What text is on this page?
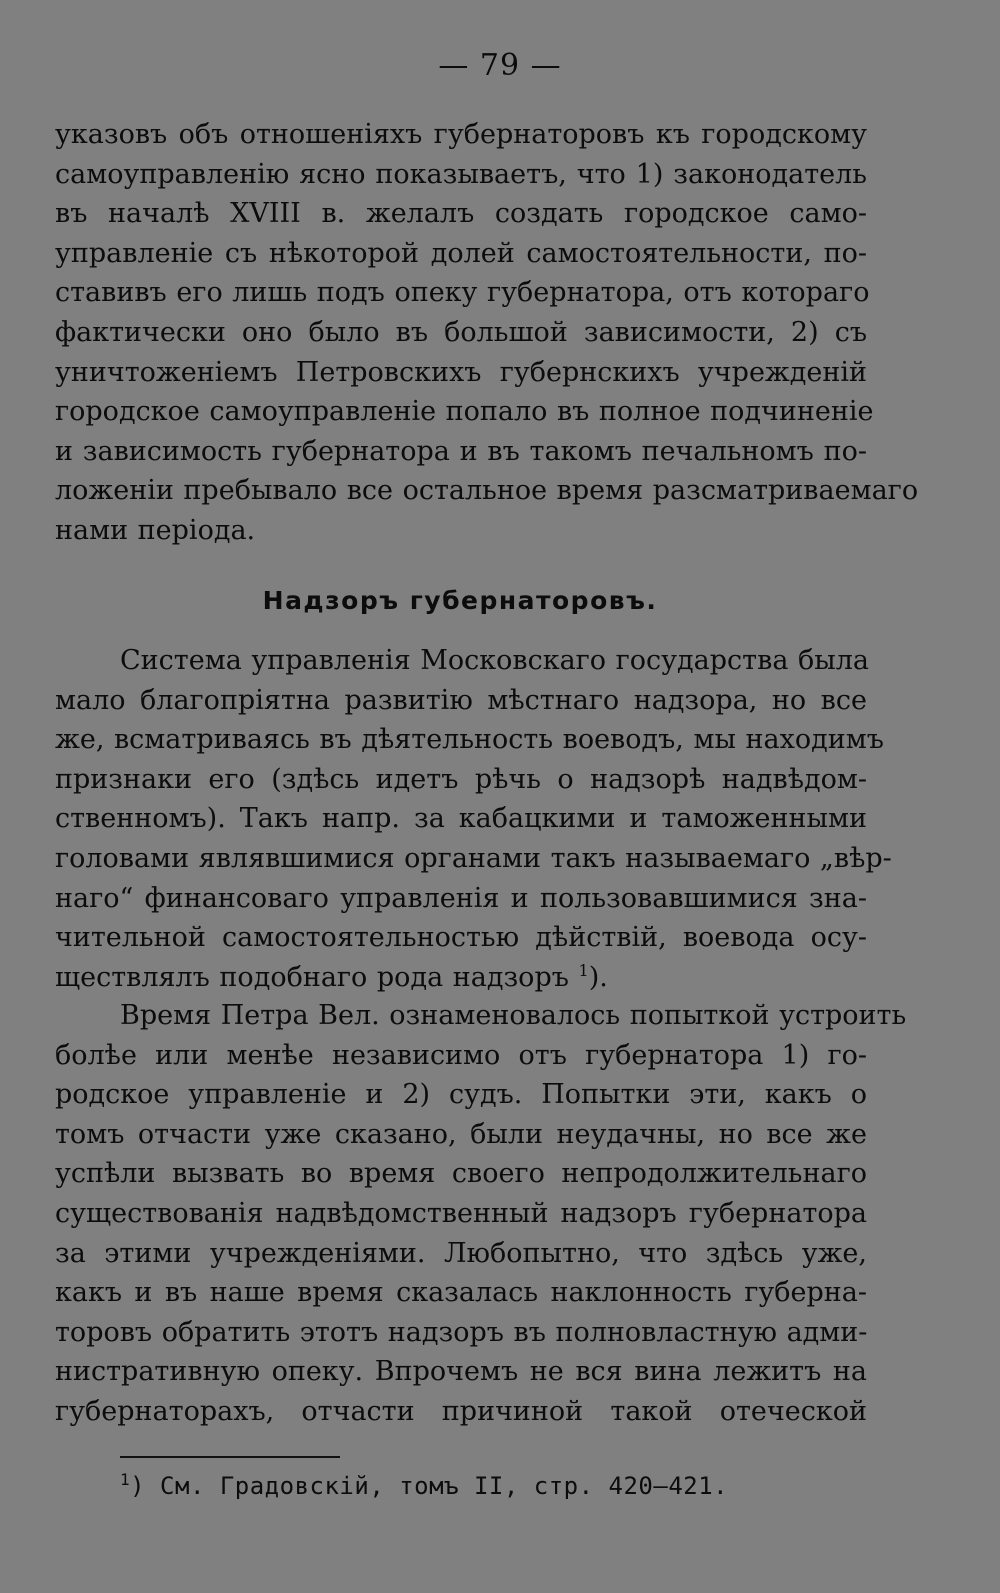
— 79 —
указовъ объ отношеніяхъ губернаторовъ къ городскому
самоуправленію ясно показываетъ, что 1) законодатель
въ началѣ XVIII в. желалъ создать городское само-
управленіе съ нѣкоторой долей самостоятельности, по-
ставивъ его лишь подъ опеку губернатора, отъ котораго
фактически оно было въ большой зависимости, 2) съ
уничтоженіемъ Петровскихъ губернскихъ учрежденій
городское самоуправленіе попало въ полное подчиненіе
и зависимость губернатора и въ такомъ печальномъ по-
ложеніи пребывало все остальное время разсматриваемаго
нами періода.
Надзоръ губернаторовъ.
Система управленія Московскаго государства была
мало благопріятна развитію мѣстнаго надзора, но все
же, всматриваясь въ дѣятельность воеводъ, мы находимъ
признаки его (здѣсь идетъ рѣчь о надзорѣ надвѣдом-
ственномъ). Такъ напр. за кабацкими и таможенными
головами являвшимися органами такъ называемаго „вѣр-
наго“ финансоваго управленія и пользовавшимися зна-
чительной самостоятельностью дѣйствій, воевода осу-
ществлялъ подобнаго рода надзоръ $^1$).
Время Петра Вел. ознаменовалось попыткой устроить
болѣе или менѣе независимо отъ губернатора 1) го-
родское управленіе и 2) судъ. Попытки эти, какъ о
томъ отчасти уже сказано, были неудачны, но все же
успѣли вызвать во время своего непродолжительнаго
существованія надвѣдомственный надзоръ губернатора
за этими учрежденіями. Любопытно, что здѣсь уже,
какъ и въ наше время сказалась наклонность губерна-
торовъ обратить этотъ надзоръ въ полновластную адми-
нистративную опеку. Впрочемъ не вся вина лежитъ на
губернаторахъ, отчасти причиной такой отеческой
$^1$) См. Градовскій, томъ II, стр. 420—421.
